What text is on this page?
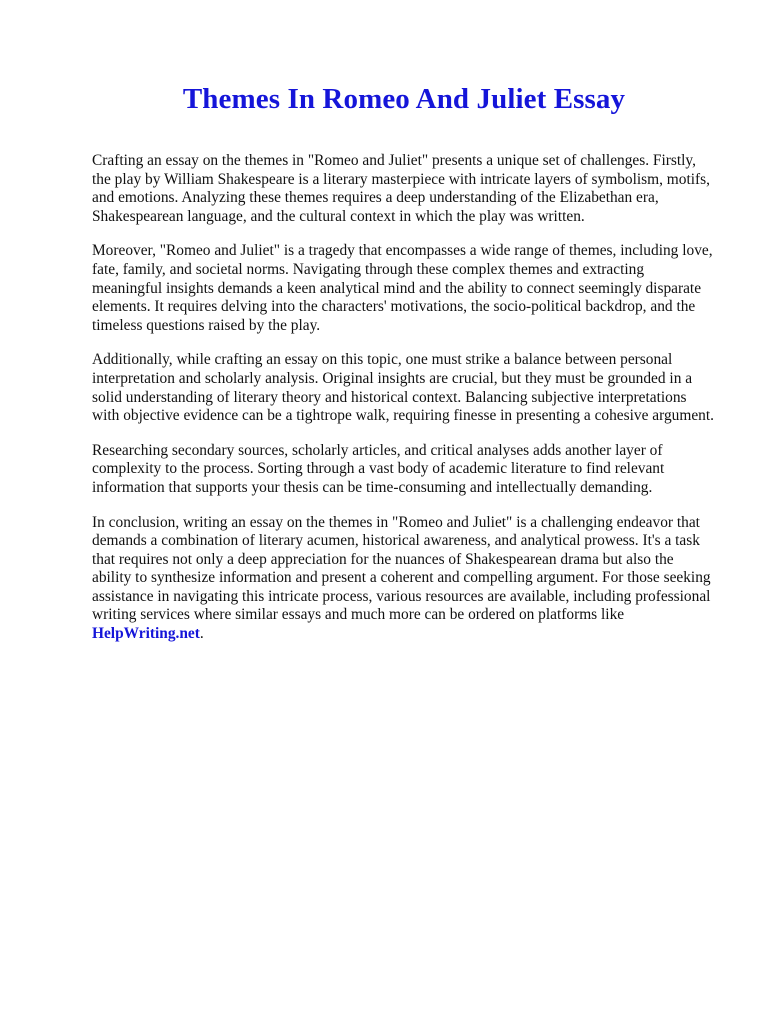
Themes In Romeo And Juliet Essay

Crafting an essay on the themes in "Romeo and Juliet" presents a unique set of challenges. Firstly, the play by William Shakespeare is a literary masterpiece with intricate layers of symbolism, motifs, and emotions. Analyzing these themes requires a deep understanding of the Elizabethan era, Shakespearean language, and the cultural context in which the play was written.

Moreover, "Romeo and Juliet" is a tragedy that encompasses a wide range of themes, including love, fate, family, and societal norms. Navigating through these complex themes and extracting meaningful insights demands a keen analytical mind and the ability to connect seemingly disparate elements. It requires delving into the characters' motivations, the socio-political backdrop, and the timeless questions raised by the play.

Additionally, while crafting an essay on this topic, one must strike a balance between personal interpretation and scholarly analysis. Original insights are crucial, but they must be grounded in a solid understanding of literary theory and historical context. Balancing subjective interpretations with objective evidence can be a tightrope walk, requiring finesse in presenting a cohesive argument.

Researching secondary sources, scholarly articles, and critical analyses adds another layer of complexity to the process. Sorting through a vast body of academic literature to find relevant information that supports your thesis can be time-consuming and intellectually demanding.

In conclusion, writing an essay on the themes in "Romeo and Juliet" is a challenging endeavor that demands a combination of literary acumen, historical awareness, and analytical prowess. It's a task that requires not only a deep appreciation for the nuances of Shakespearean drama but also the ability to synthesize information and present a coherent and compelling argument. For those seeking assistance in navigating this intricate process, various resources are available, including professional writing services where similar essays and much more can be ordered on platforms like
HelpWriting.net.
